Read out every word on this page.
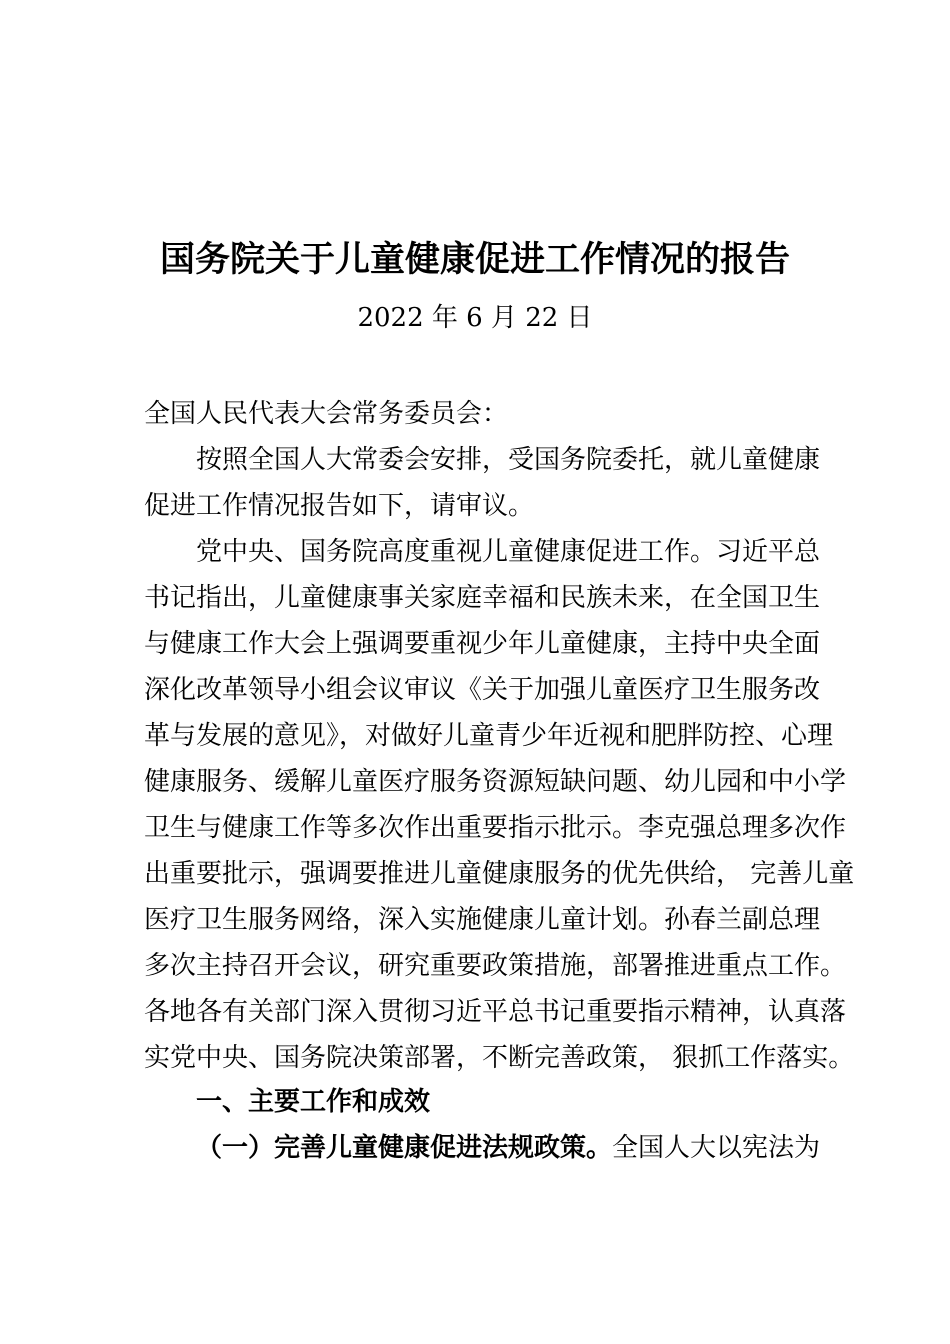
国务院关于儿童健康促进工作情况的报告
2022 年 6 月 22 日
全国人民代表大会常务委员会：
按照全国人大常委会安排，受国务院委托，就儿童健康
促进工作情况报告如下，请审议。
党中央、国务院高度重视儿童健康促进工作。习近平总
书记指出，儿童健康事关家庭幸福和民族未来，在全国卫生
与健康工作大会上强调要重视少年儿童健康，主持中央全面
深化改革领导小组会议审议《关于加强儿童医疗卫生服务改
革与发展的意见》，对做好儿童青少年近视和肥胖防控、心理
健康服务、缓解儿童医疗服务资源短缺问题、幼儿园和中小学
卫生与健康工作等多次作出重要指示批示。李克强总理多次作
出重要批示，强调要推进儿童健康服务的优先供给， 完善儿童
医疗卫生服务网络，深入实施健康儿童计划。孙春兰副总理
多次主持召开会议，研究重要政策措施，部署推进重点工作。
各地各有关部门深入贯彻习近平总书记重要指示精神，认真落
实党中央、国务院决策部署，不断完善政策， 狠抓工作落实。
一、主要工作和成效
（一）完善儿童健康促进法规政策。全国人大以宪法为
